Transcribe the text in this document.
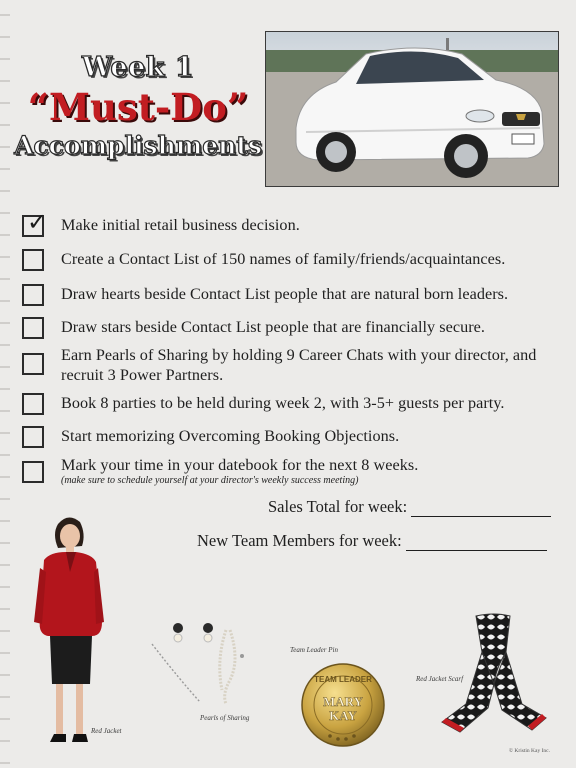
Week 1
“Must-Do”
Accomplishments
✓ Make initial retail business decision.
Create a Contact List of 150 names of family/friends/acquaintances.
Draw hearts beside Contact List people that are natural born leaders.
Draw stars beside Contact List people that are financially secure.
Earn Pearls of Sharing by holding 9 Career Chats with your director, and recruit 3 Power Partners.
Book 8 parties to be held during week 2, with 3-5+ guests per party.
Start memorizing Overcoming Booking Objections.
Mark your time in your datebook for the next 8 weeks.
(make sure to schedule yourself at your director's weekly success meeting)
Sales Total for week:
New Team Members for week:
Red Jacket
Pearls of Sharing
Team Leader Pin
TEAM LEADER
MARY
KAY
Red Jacket Scarf
© Kristin Kay Inc.
